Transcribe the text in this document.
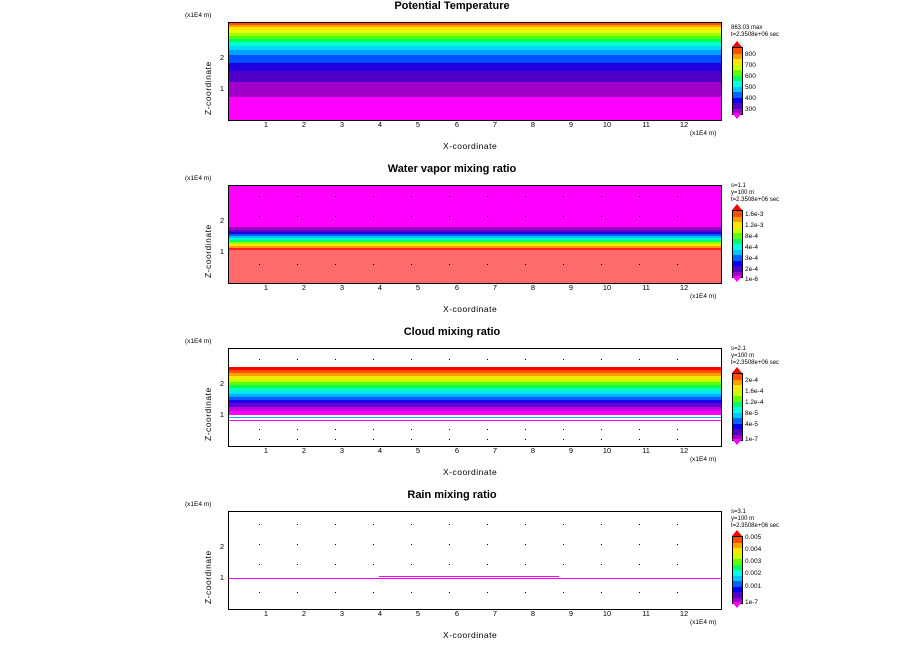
Potential Temperature
(x1E4 m)
Z-coordinate
2
1
1	2	3	4	5	6	7	8	9	10	11	12
(x1E4 m)
X-coordinate
863.03 max
t=2.3508e+06 sec
800
700
600
500
400
300
Water vapor mixing ratio
(x1E4 m)
Z-coordinate
2
1
1	2	3	4	5	6	7	8	9	10	11	12
(x1E4 m)
X-coordinate
s=1.1
y=100 m
t=2.3508e+06 sec
1.6e-3
1.2e-3
8e-4
4e-4
3e-4
2e-4
1e-6
Cloud mixing ratio
(x1E4 m)
Z-coordinate
2
1
1	2	3	4	5	6	7	8	9	10	11	12
(x1E4 m)
X-coordinate
s=2.1
y=100 m
t=2.3508e+06 sec
2e-4
1.6e-4
1.2e-4
8e-5
4e-5
1e-7
Rain mixing ratio
(x1E4 m)
Z-coordinate
2
1
1	2	3	4	5	6	7	8	9	10	11	12
(x1E4 m)
X-coordinate
s=3.1
y=100 m
t=2.3508e+06 sec
0.005
0.004
0.003
0.002
0.001
1e-7
